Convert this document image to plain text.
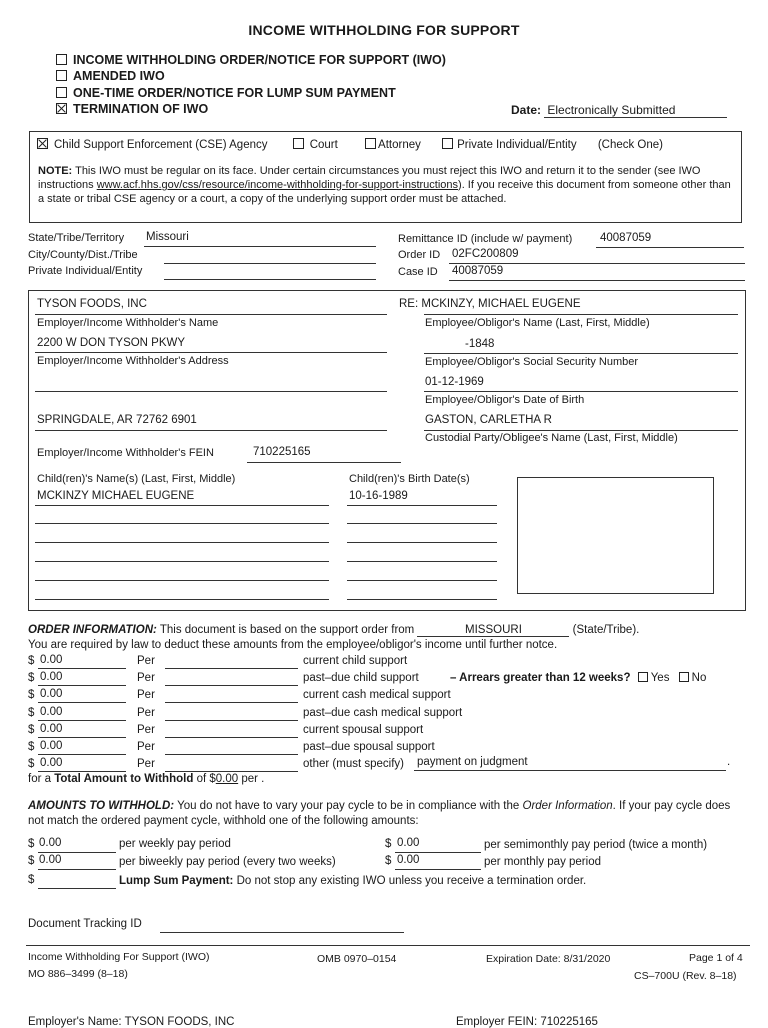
INCOME WITHHOLDING FOR SUPPORT
INCOME WITHHOLDING ORDER/NOTICE FOR SUPPORT (IWO)
AMENDED IWO
ONE-TIME ORDER/NOTICE FOR LUMP SUM PAYMENT
TERMINATION OF IWO	Date: Electronically Submitted
Child Support Enforcement (CSE) Agency	Court	Attorney	Private Individual/Entity (Check One)
NOTE: This IWO must be regular on its face. Under certain circumstances you must reject this IWO and return it to the sender (see IWO instructions www.acf.hhs.gov/css/resource/income-withholding-for-support-instructions). If you receive this document from someone other than a state or tribal CSE agency or a court, a copy of the underlying support order must be attached.
State/Tribe/Territory Missouri
City/County/Dist./Tribe
Private Individual/Entity
Remittance ID (include w/ payment) 40087059
Order ID 02FC200809
Case ID 40087059
TYSON FOODS, INC
Employer/Income Withholder's Name
2200 W DON TYSON PKWY
Employer/Income Withholder's Address
SPRINGDALE, AR 72762 6901
Employer/Income Withholder's FEIN	710225165
RE: MCKINZY, MICHAEL EUGENE
Employee/Obligor's Name (Last, First, Middle)
-1848
Employee/Obligor's Social Security Number
01-12-1969
Employee/Obligor's Date of Birth
GASTON, CARLETHA R
Custodial Party/Obligee's Name (Last, First, Middle)
Child(ren)'s Name(s) (Last, First, Middle)	Child(ren)'s Birth Date(s)
MCKINZY MICHAEL EUGENE	10-16-1989
ORDER INFORMATION: This document is based on the support order from	MISSOURI	(State/Tribe).
You are required by law to deduct these amounts from the employee/obligor's income until further notce.
$ 0.00	Per	current child support
$ 0.00	Per	past–due child support
$ 0.00	Per	current cash medical support
$ 0.00	Per	past–due cash medical support
$ 0.00	Per	current spousal support
$ 0.00	Per	past–due spousal support
$ 0.00	Per	other (must specify)
– Arrears greater than 12 weeks? Yes No
payment on judgment	.
for a Total Amount to Withhold of $0.00 per .
AMOUNTS TO WITHHOLD: You do not have to vary your pay cycle to be in compliance with the Order Information. If your pay cycle does not match the ordered payment cycle, withhold one of the following amounts:
$ 0.00	per weekly pay period
$ 0.00	per biweekly pay period (every two weeks)
$ 0.00	per semimonthly pay period (twice a month)
$ 0.00	per monthly pay period
$	Lump Sum Payment: Do not stop any existing IWO unless you receive a termination order.
Document Tracking ID
Income Withholding For Support (IWO)	OMB 0970–0154	Expiration Date: 8/31/2020	Page 1 of 4
MO 886–3499 (8–18)	CS–700U (Rev. 8–18)
Employer's Name: TYSON FOODS, INC	Employer FEIN: 710225165
